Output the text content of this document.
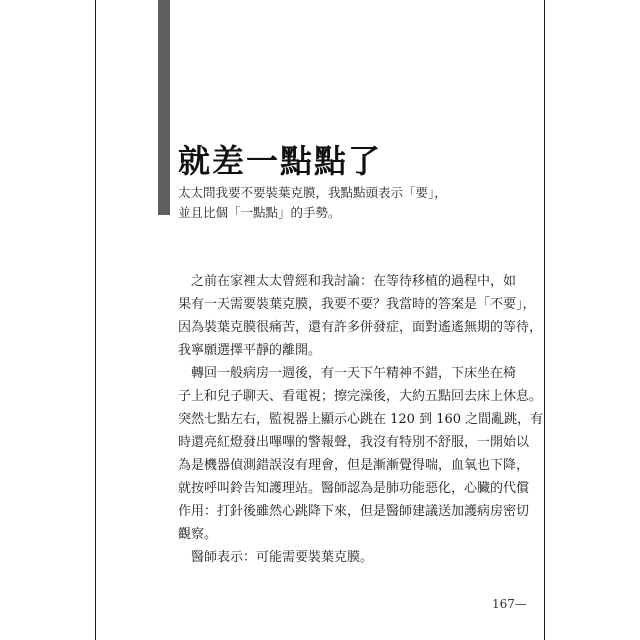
就差一點點了
太太問我要不要裝葉克膜，我點點頭表示「要」，
並且比個「一點點」的手勢。

　之前在家裡太太曾經和我討論：在等待移植的過程中，如
果有一天需要裝葉克膜，我要不要？我當時的答案是「不要」，
因為裝葉克膜很痛苦，還有許多併發症，面對遙遙無期的等待，
我寧願選擇平靜的離開。

　轉回一般病房一週後，有一天下午精神不錯，下床坐在椅
子上和兒子聊天、看電視；擦完澡後，大約五點回去床上休息。
突然七點左右，監視器上顯示心跳在 120 到 160 之間亂跳，有
時還亮紅燈發出嗶嗶的警報聲，我沒有特別不舒服，一開始以
為是機器偵測錯誤沒有理會，但是漸漸覺得喘，血氧也下降，
就按呼叫鈴告知護理站。醫師認為是肺功能惡化，心臟的代償
作用：打針後雖然心跳降下來，但是醫師建議送加護病房密切
觀察。

　醫師表示：可能需要裝葉克膜。

167—
